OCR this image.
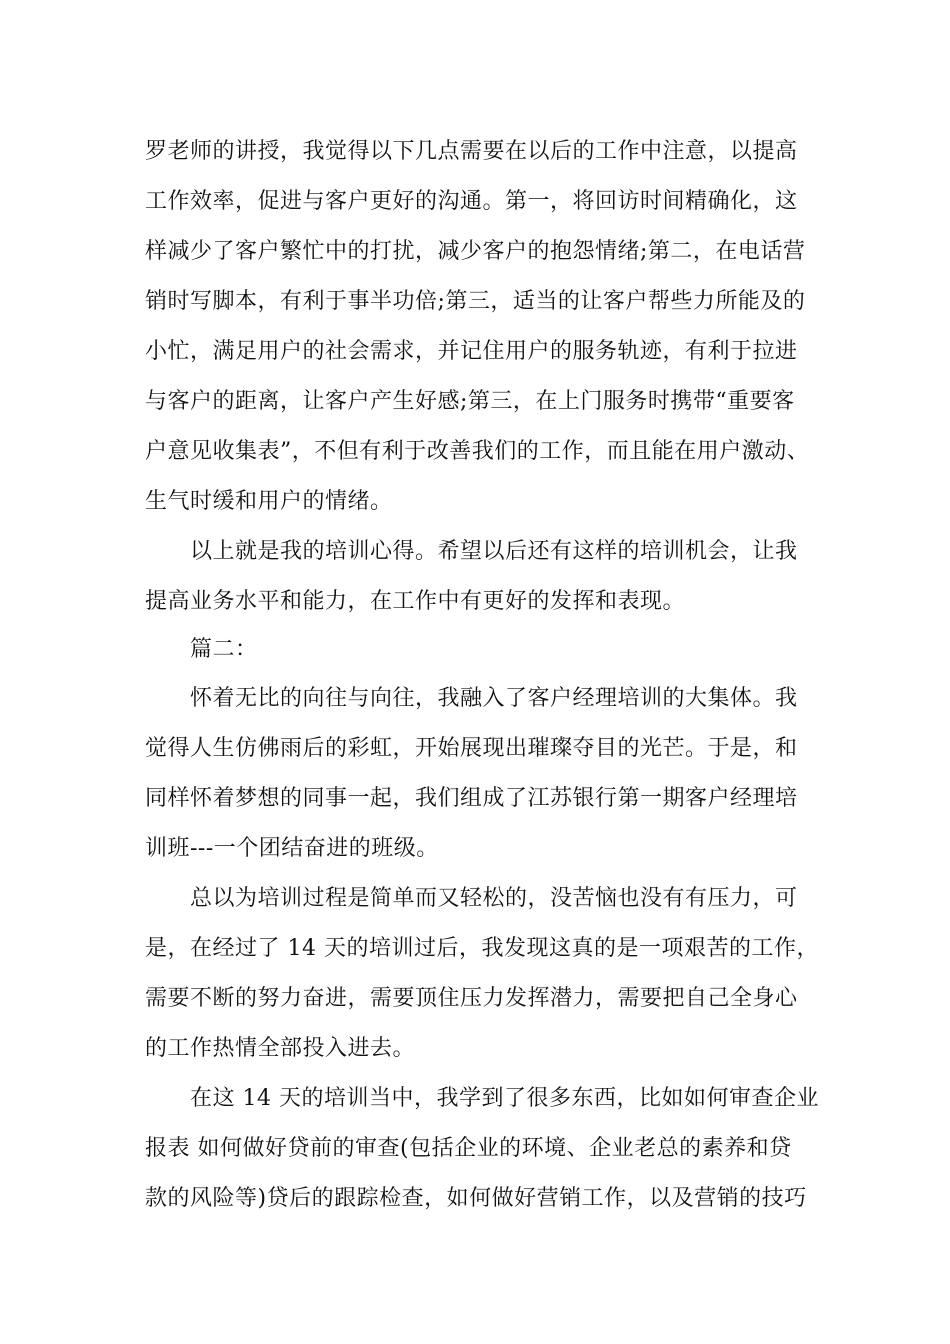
罗老师的讲授，我觉得以下几点需要在以后的工作中注意，以提高
工作效率，促进与客户更好的沟通。第一，将回访时间精确化，这
样减少了客户繁忙中的打扰，减少客户的抱怨情绪;第二，在电话营
销时写脚本，有利于事半功倍;第三，适当的让客户帮些力所能及的
小忙，满足用户的社会需求，并记住用户的服务轨迹，有利于拉进
与客户的距离，让客户产生好感;第三，在上门服务时携带“重要客
户意见收集表”，不但有利于改善我们的工作，而且能在用户激动、
生气时缓和用户的情绪。
以上就是我的培训心得。希望以后还有这样的培训机会，让我
提高业务水平和能力，在工作中有更好的发挥和表现。
篇二：
怀着无比的向往与向往，我融入了客户经理培训的大集体。我
觉得人生仿佛雨后的彩虹，开始展现出璀璨夺目的光芒。于是，和
同样怀着梦想的同事一起，我们组成了江苏银行第一期客户经理培
训班---一个团结奋进的班级。
总以为培训过程是简单而又轻松的，没苦恼也没有有压力，可
是，在经过了 14 天的培训过后，我发现这真的是一项艰苦的工作，
需要不断的努力奋进，需要顶住压力发挥潜力，需要把自己全身心
的工作热情全部投入进去。
在这 14 天的培训当中，我学到了很多东西，比如如何审查企业
报表 如何做好贷前的审查(包括企业的环境、企业老总的素养和贷
款的风险等)贷后的跟踪检查，如何做好营销工作，以及营销的技巧
